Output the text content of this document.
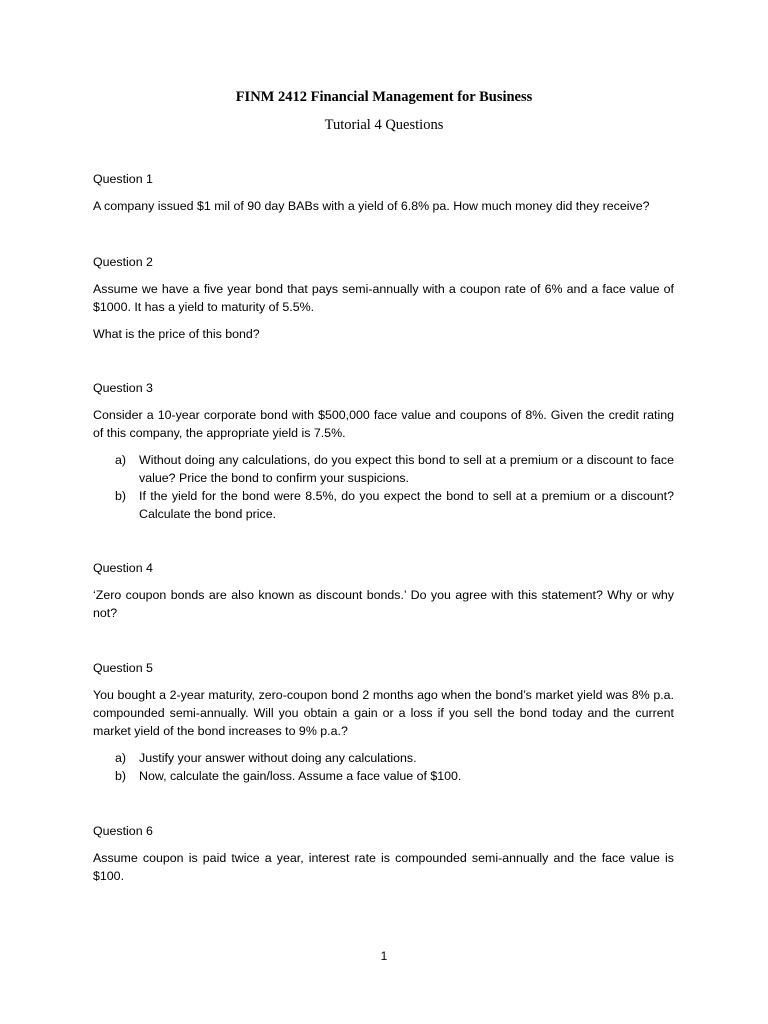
FINM 2412 Financial Management for Business
Tutorial 4 Questions
Question 1

A company issued $1 mil of 90 day BABs with a yield of 6.8% pa. How much money did they receive?

Question 2

Assume we have a five year bond that pays semi-annually with a coupon rate of 6% and a face value of $1000. It has a yield to maturity of 5.5%.

What is the price of this bond?

Question 3

Consider a 10-year corporate bond with $500,000 face value and coupons of 8%. Given the credit rating of this company, the appropriate yield is 7.5%.

a) Without doing any calculations, do you expect this bond to sell at a premium or a discount to face value? Price the bond to confirm your suspicions.
b) If the yield for the bond were 8.5%, do you expect the bond to sell at a premium or a discount? Calculate the bond price.
Question 4

‘Zero coupon bonds are also known as discount bonds.’ Do you agree with this statement? Why or why not?

Question 5

You bought a 2-year maturity, zero-coupon bond 2 months ago when the bond’s market yield was 8% p.a. compounded semi-annually. Will you obtain a gain or a loss if you sell the bond today and the current market yield of the bond increases to 9% p.a.?

a) Justify your answer without doing any calculations.
b) Now, calculate the gain/loss. Assume a face value of $100.
Question 6

Assume coupon is paid twice a year, interest rate is compounded semi-annually and the face value is $100.

1
